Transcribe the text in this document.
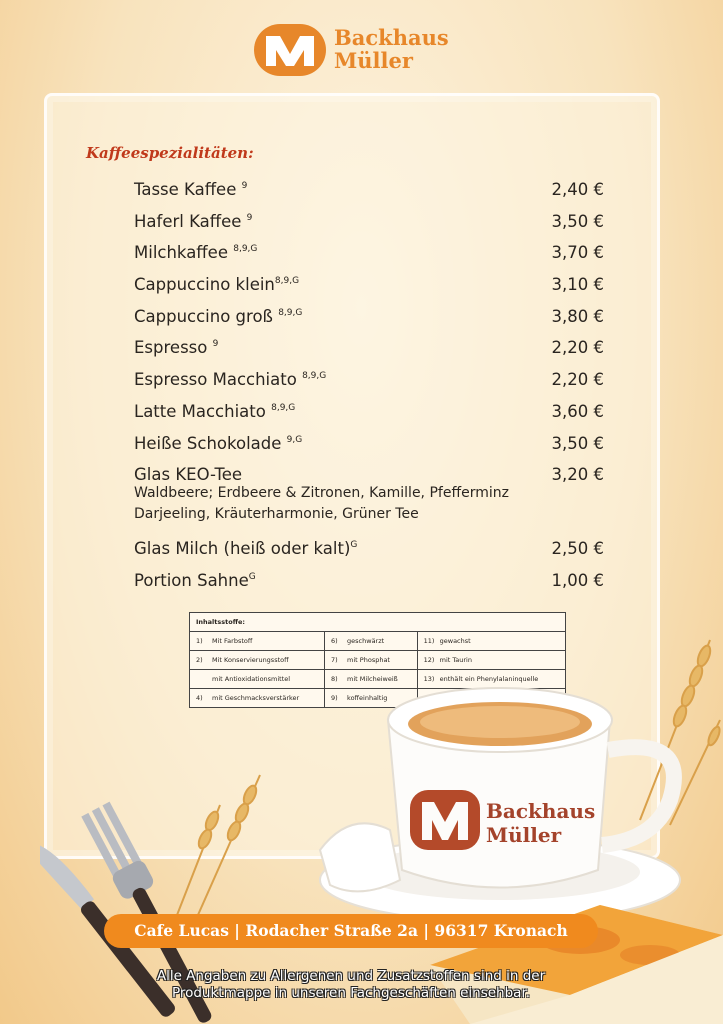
Backhaus
Müller
Kaffeespezialitäten:
Tasse Kaffee $^9$	2,40 €
Haferl Kaffee $^9$	3,50 €
Milchkaffee $^{8,9,G}$	3,70 €
Cappuccino klein$^{8,9,G}$	3,10 €
Cappuccino groß $^{8,9,G}$	3,80 €
Espresso $^9$	2,20 €
Espresso Macchiato $^{8,9,G}$	2,20 €
Latte Macchiato $^{8,9,G}$	3,60 €
Heiße Schokolade $^{9,G}$	3,50 €
Glas KEO-Tee	3,20 €
Waldbeere; Erdbeere & Zitronen, Kamille, Pfefferminz
Darjeeling, Kräuterharmonie, Grüner Tee
Glas Milch (heiß oder kalt)$^G$	2,50 €
Portion Sahne$^G$	1,00 €
Inhaltsstoffe:		
1) Mit Farbstoff	6) geschwärzt	11) gewachst
2) Mit Konservierungsstoff	7) mit Phosphat	12) mit Taurin
mit Antioxidationsmittel	8) mit Milcheiweiß	13) enthält ein Phenylalaninquelle
4) mit Geschmacksverstärker	9) koffeinhaltig	
Backhaus
Müller
Cafe Lucas | Rodacher Straße 2a | 96317 Kronach
Alle Angaben zu Allergenen und Zusatzstoffen sind in der
Produktmappe in unseren Fachgeschäften einsehbar.
